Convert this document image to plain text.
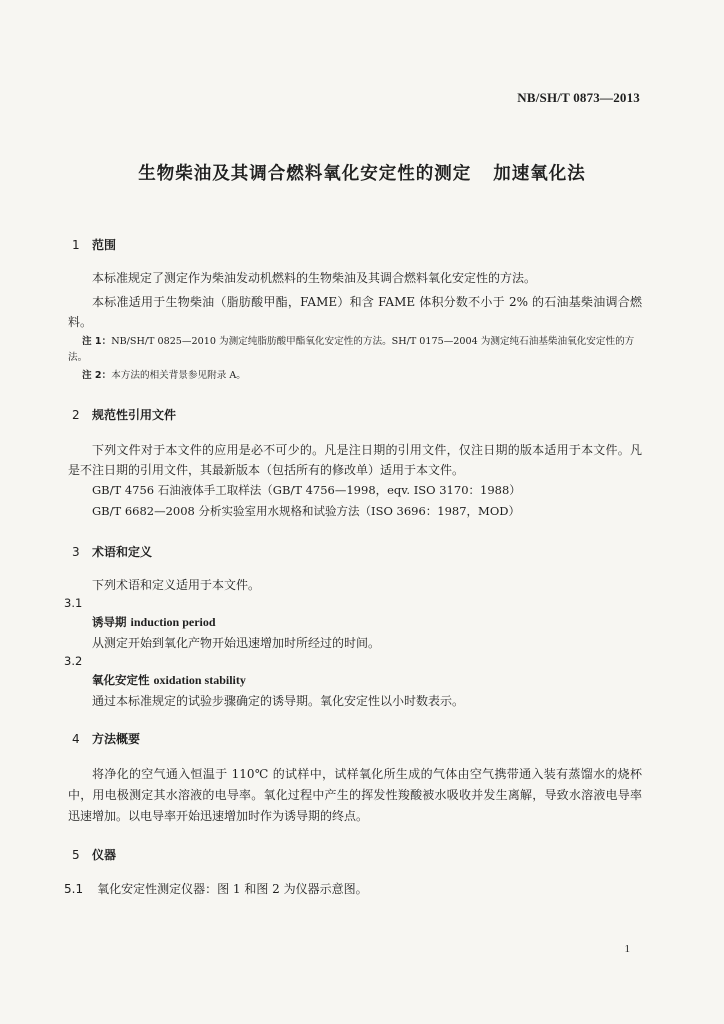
NB/SH/T 0873—2013
生物柴油及其调合燃料氧化安定性的测定 加速氧化法
1 范围
本标准规定了测定作为柴油发动机燃料的生物柴油及其调合燃料氧化安定性的方法。
本标准适用于生物柴油（脂肪酸甲酯，FAME）和含 FAME 体积分数不小于 2% 的石油基柴油调合燃料。
注 1：NB/SH/T 0825—2010 为测定纯脂肪酸甲酯氧化安定性的方法。SH/T 0175—2004 为测定纯石油基柴油氧化安定性的方法。
注 2：本方法的相关背景参见附录 A。
2 规范性引用文件
下列文件对于本文件的应用是必不可少的。凡是注日期的引用文件，仅注日期的版本适用于本文件。凡是不注日期的引用文件，其最新版本（包括所有的修改单）适用于本文件。
GB/T 4756 石油液体手工取样法（GB/T 4756—1998，eqv. ISO 3170：1988）
GB/T 6682—2008 分析实验室用水规格和试验方法（ISO 3696：1987，MOD）
3 术语和定义
下列术语和定义适用于本文件。
3.1
诱导期 induction period
从测定开始到氧化产物开始迅速增加时所经过的时间。
3.2
氧化安定性 oxidation stability
通过本标准规定的试验步骤确定的诱导期。氧化安定性以小时数表示。
4 方法概要
将净化的空气通入恒温于 110℃ 的试样中，试样氧化所生成的气体由空气携带通入装有蒸馏水的烧杯中，用电极测定其水溶液的电导率。氧化过程中产生的挥发性羧酸被水吸收并发生离解，导致水溶液电导率迅速增加。以电导率开始迅速增加时作为诱导期的终点。
5 仪器
5.1 氧化安定性测定仪器：图 1 和图 2 为仪器示意图。
1
